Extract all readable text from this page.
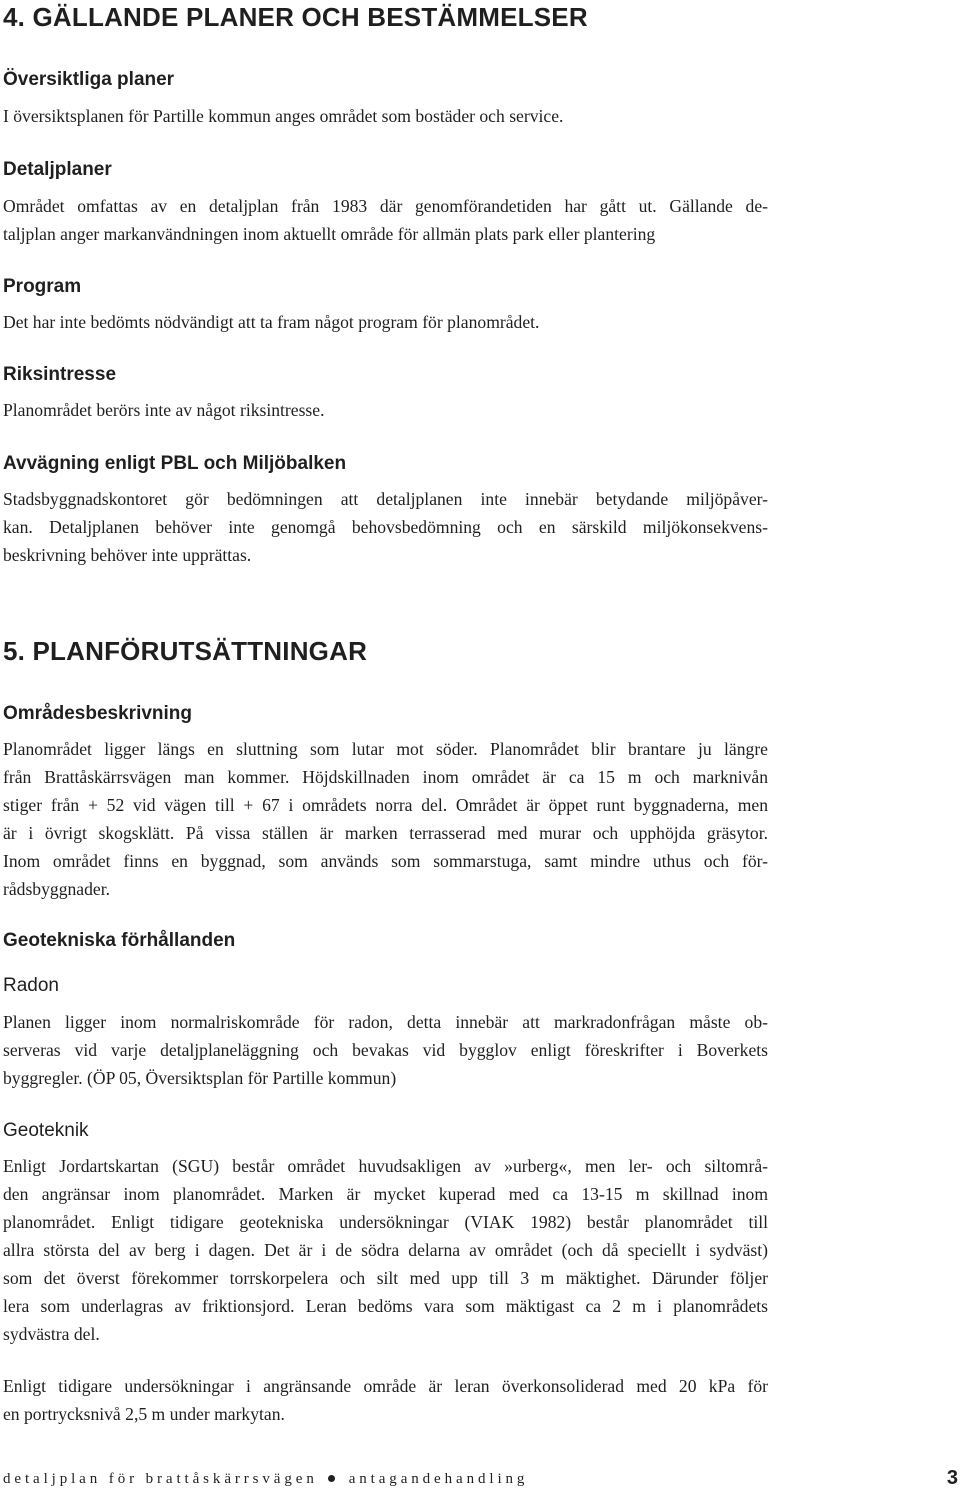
4. GÄLLANDE PLANER OCH BESTÄMMELSER
Översiktliga planer
I översiktsplanen för Partille kommun anges området som bostäder och service.
Detaljplaner
Området omfattas av en detaljplan från 1983 där genomförandetiden har gått ut. Gällande de-
taljplan anger markanvändningen inom aktuellt område för allmän plats park eller plantering
Program
Det har inte bedömts nödvändigt att ta fram något program för planområdet.
Riksintresse
Planområdet berörs inte av något riksintresse.
Avvägning enligt PBL och Miljöbalken
Stadsbyggnadskontoret gör bedömningen att detaljplanen inte innebär betydande miljöpåver-
kan. Detaljplanen behöver inte genomgå behovsbedömning och en särskild miljökonsekvens-
beskrivning behöver inte upprättas.
5. PLANFÖRUTSÄTTNINGAR
Områdesbeskrivning
Planområdet ligger längs en sluttning som lutar mot söder. Planområdet blir brantare ju längre
från Brattåskärrsvägen man kommer. Höjdskillnaden inom området är ca 15 m och marknivån
stiger från + 52 vid vägen till + 67 i områdets norra del. Området är öppet runt byggnaderna, men
är i övrigt skogsklätt. På vissa ställen är marken terrasserad med murar och upphöjda gräsytor.
Inom området finns en byggnad, som används som sommarstuga, samt mindre uthus och för-
rådsbyggnader.
Geotekniska förhållanden
Radon
Planen ligger inom normalriskområde för radon, detta innebär att markradonfrågan måste ob-
serveras vid varje detaljplaneläggning och bevakas vid bygglov enligt föreskrifter i Boverkets
byggregler. (ÖP 05, Översiktsplan för Partille kommun)
Geoteknik
Enligt Jordartskartan (SGU) består området huvudsakligen av »urberg«, men ler- och siltområ-
den angränsar inom planområdet. Marken är mycket kuperad med ca 13-15 m skillnad inom
planområdet. Enligt tidigare geotekniska undersökningar (VIAK 1982) består planområdet till
allra största del av berg i dagen. Det är i de södra delarna av området (och då speciellt i sydväst)
som det överst förekommer torrskorpelera och silt med upp till 3 m mäktighet. Därunder följer
lera som underlagras av friktionsjord. Leran bedöms vara som mäktigast ca 2 m i planområdets
sydvästra del.
Enligt tidigare undersökningar i angränsande område är leran överkonsoliderad med 20 kPa för
en portrycksnivå 2,5 m under markytan.
detaljplan för brattåskärrsvägen antagandehandling	3
